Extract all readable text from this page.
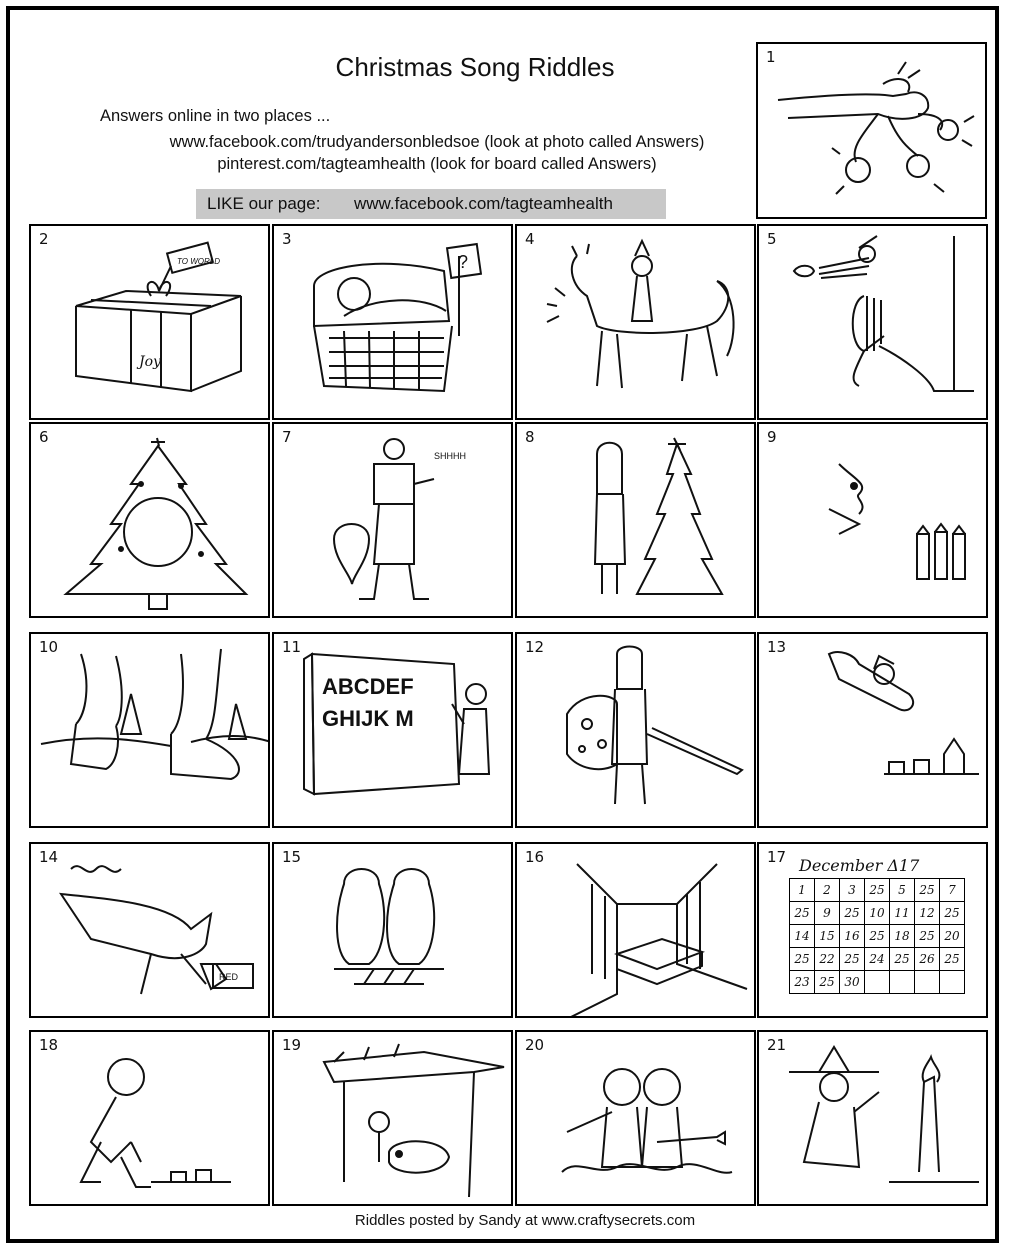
Christmas Song Riddles
Answers online in two places ...
www.facebook.com/trudyandersonbledsoe (look at photo called Answers)
pinterest.com/tagteamhealth (look for board called Answers)
LIKE our page: www.facebook.com/tagteamhealth
1
2
TO WORLD
Joy
3
?
4	5
6	7
SHHHH
8	9
10	11
ABCDEF
GHIJK M
12	13
14
RED
15	16	17 December Δ17
1	2	3	25	5	25	7
25	9	25	10	11	12	25
14	15	16	25	18	25	20
25	22	25	24	25	26	25
23	25	30				
18	19	20	21
Riddles posted by Sandy at www.craftysecrets.com
